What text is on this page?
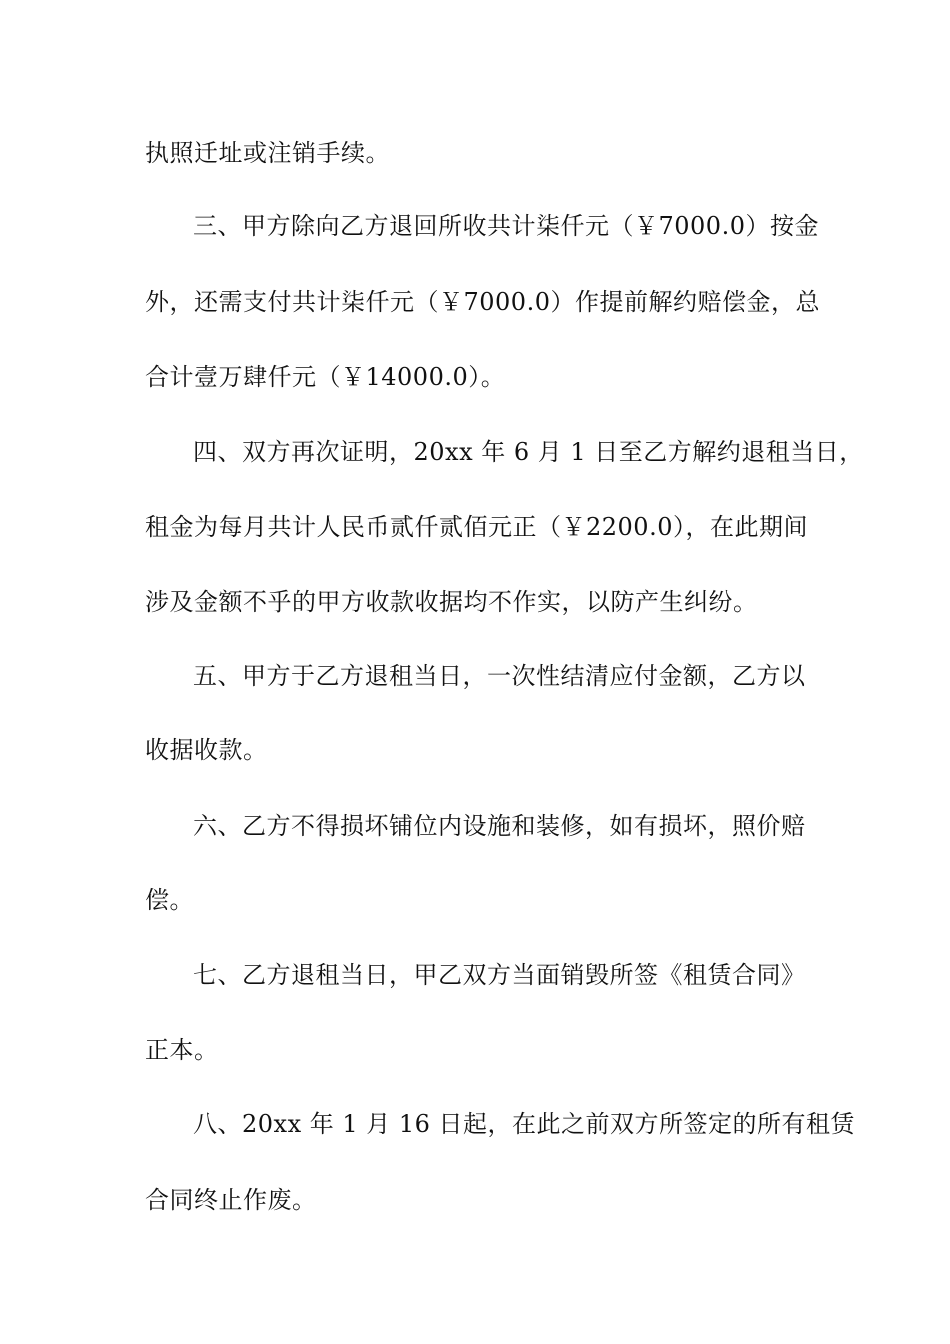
执照迁址或注销手续。
三、甲方除向乙方退回所收共计柒仟元（￥7000.0）按金
外，还需支付共计柒仟元（￥7000.0）作提前解约赔偿金，总
合计壹万肆仟元（￥14000.0）。
四、双方再次证明，20xx 年 6 月 1 日至乙方解约退租当日，
租金为每月共计人民币贰仟贰佰元正（￥2200.0），在此期间
涉及金额不乎的甲方收款收据均不作实，以防产生纠纷。
五、甲方于乙方退租当日，一次性结清应付金额，乙方以
收据收款。
六、乙方不得损坏铺位内设施和装修，如有损坏，照价赔
偿。
七、乙方退租当日，甲乙双方当面销毁所签《租赁合同》
正本。
八、20xx 年 1 月 16 日起，在此之前双方所签定的所有租赁
合同终止作废。
